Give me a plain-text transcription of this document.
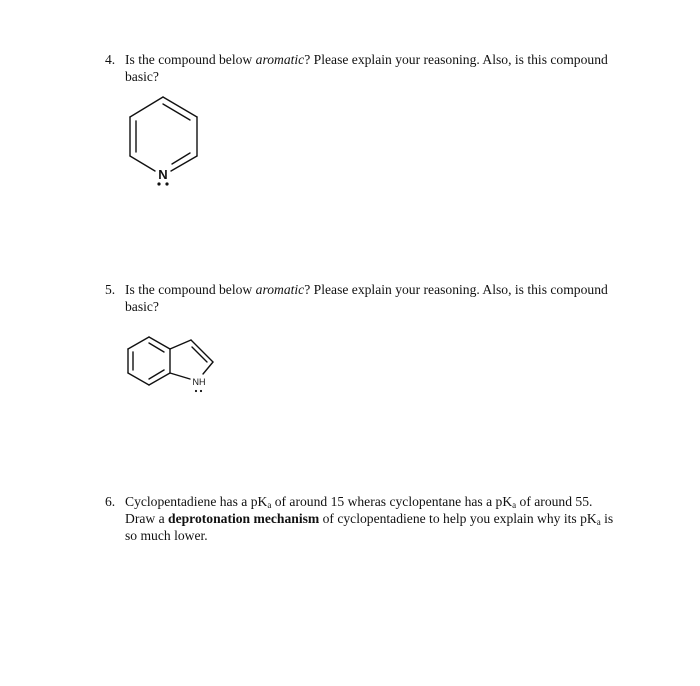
4. Is the compound below aromatic? Please explain your reasoning. Also, is this compound basic?
N
5. Is the compound below aromatic? Please explain your reasoning. Also, is this compound basic?
NH
6. Cyclopentadiene has a $pK_a$ of around 15 wheras cyclopentane has a $pK_a$ of around 55. Draw a deprotonation mechanism of cyclopentadiene to help you explain why its $pK_a$ is so much lower.
